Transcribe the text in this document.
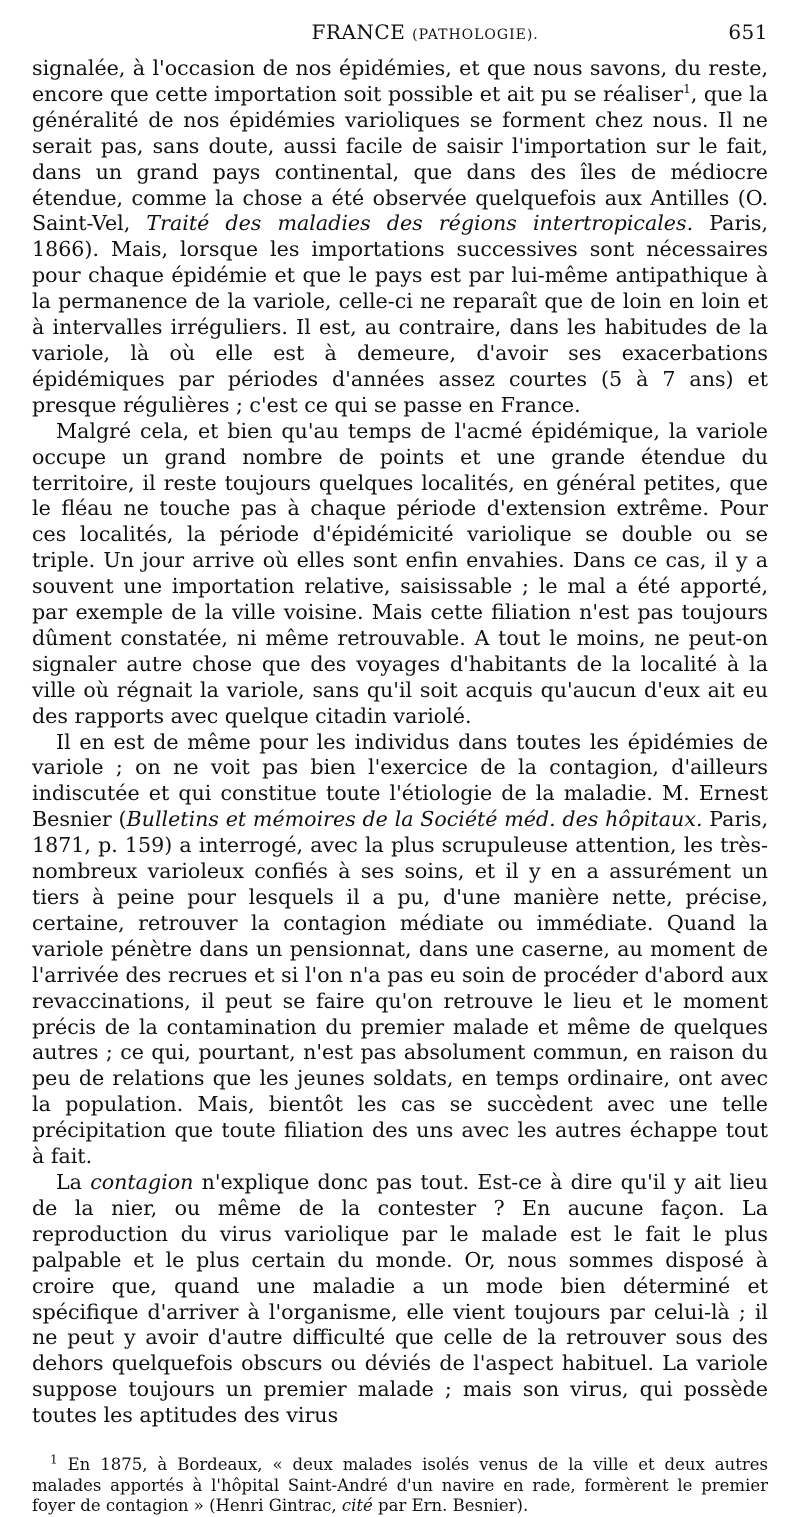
FRANCE (PATHOLOGIE).	651

signalée, à l'occasion de nos épidémies, et que nous savons, du reste, encore que cette importation soit possible et ait pu se réaliser$^1$, que la généralité de nos épidémies varioliques se forment chez nous. Il ne serait pas, sans doute, aussi facile de saisir l'importation sur le fait, dans un grand pays continental, que dans des îles de médiocre étendue, comme la chose a été observée quelquefois aux Antilles (O. Saint-Vel, Traité des maladies des régions intertropicales. Paris, 1866). Mais, lorsque les importations successives sont nécessaires pour chaque épidémie et que le pays est par lui-même antipathique à la permanence de la variole, celle-ci ne reparaît que de loin en loin et à intervalles irréguliers. Il est, au contraire, dans les habitudes de la variole, là où elle est à demeure, d'avoir ses exacerbations épidémiques par périodes d'années assez courtes (5 à 7 ans) et presque régulières ; c'est ce qui se passe en France.

Malgré cela, et bien qu'au temps de l'acmé épidémique, la variole occupe un grand nombre de points et une grande étendue du territoire, il reste toujours quelques localités, en général petites, que le fléau ne touche pas à chaque période d'extension extrême. Pour ces localités, la période d'épidémicité variolique se double ou se triple. Un jour arrive où elles sont enfin envahies. Dans ce cas, il y a souvent une importation relative, saisissable ; le mal a été apporté, par exemple de la ville voisine. Mais cette filiation n'est pas toujours dûment constatée, ni même retrouvable. A tout le moins, ne peut-on signaler autre chose que des voyages d'habitants de la localité à la ville où régnait la variole, sans qu'il soit acquis qu'aucun d'eux ait eu des rapports avec quelque citadin variolé.

Il en est de même pour les individus dans toutes les épidémies de variole ; on ne voit pas bien l'exercice de la contagion, d'ailleurs indiscutée et qui constitue toute l'étiologie de la maladie. M. Ernest Besnier (Bulletins et mémoires de la Société méd. des hôpitaux. Paris, 1871, p. 159) a interrogé, avec la plus scrupuleuse attention, les très-nombreux varioleux confiés à ses soins, et il y en a assurément un tiers à peine pour lesquels il a pu, d'une manière nette, précise, certaine, retrouver la contagion médiate ou immédiate. Quand la variole pénètre dans un pensionnat, dans une caserne, au moment de l'arrivée des recrues et si l'on n'a pas eu soin de procéder d'abord aux revaccinations, il peut se faire qu'on retrouve le lieu et le moment précis de la contamination du premier malade et même de quelques autres ; ce qui, pourtant, n'est pas absolument commun, en raison du peu de relations que les jeunes soldats, en temps ordinaire, ont avec la population. Mais, bientôt les cas se succèdent avec une telle précipitation que toute filiation des uns avec les autres échappe tout à fait.

La contagion n'explique donc pas tout. Est-ce à dire qu'il y ait lieu de la nier, ou même de la contester ? En aucune façon. La reproduction du virus variolique par le malade est le fait le plus palpable et le plus certain du monde. Or, nous sommes disposé à croire que, quand une maladie a un mode bien déterminé et spécifique d'arriver à l'organisme, elle vient toujours par celui-là ; il ne peut y avoir d'autre difficulté que celle de la retrouver sous des dehors quelquefois obscurs ou déviés de l'aspect habituel. La variole suppose toujours un premier malade ; mais son virus, qui possède toutes les aptitudes des virus

$^1$ En 1875, à Bordeaux, « deux malades isolés venus de la ville et deux autres malades apportés à l'hôpital Saint-André d'un navire en rade, formèrent le premier foyer de contagion » (Henri Gintrac, cité par Ern. Besnier).
